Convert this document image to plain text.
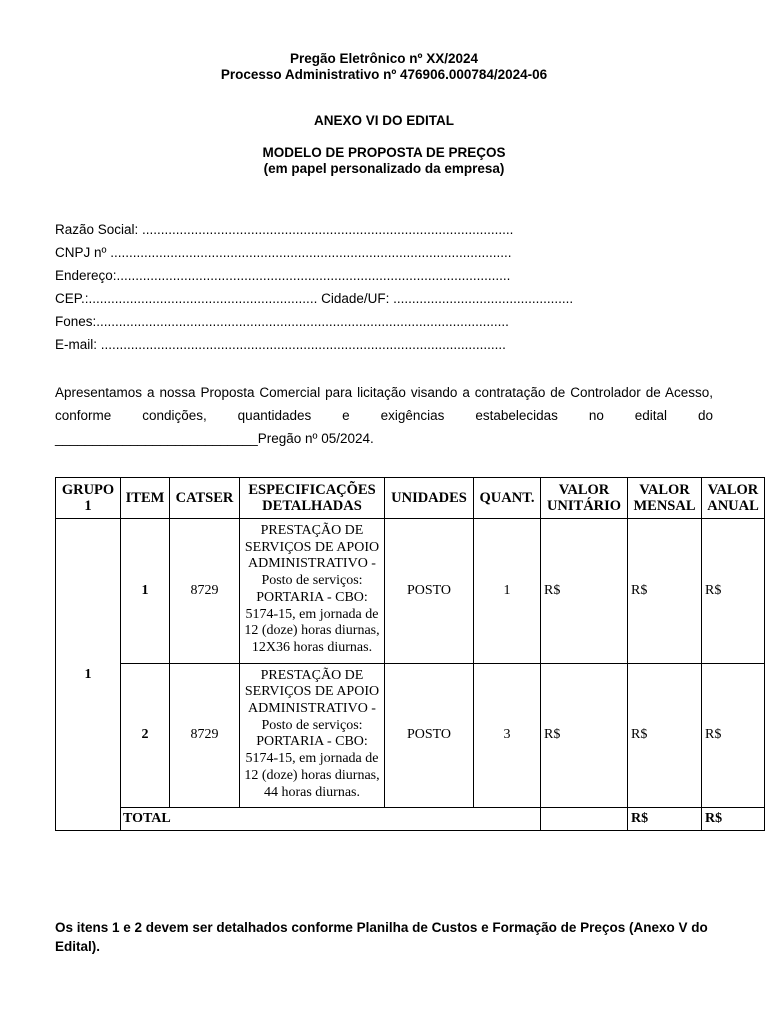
Pregão Eletrônico nº XX/2024
Processo Administrativo nº 476906.000784/2024-06
ANEXO VI DO EDITAL
MODELO DE PROPOSTA DE PREÇOS
(em papel personalizado da empresa)
Razão Social: ...................................................................................................
CNPJ nº ...........................................................................................................
Endereço:.........................................................................................................
CEP.:............................................................. Cidade/UF: ................................................
Fones:..............................................................................................................
E-mail: ............................................................................................................
Apresentamos a nossa Proposta Comercial para licitação visando a contratação de Controlador de Acesso, conforme condições, quantidades e exigências estabelecidas no edital do ___________________________Pregão nº 05/2024.
GRUPO 1	ITEM	CATSER	ESPECIFICAÇÕES DETALHADAS	UNIDADES	QUANT.	VALOR UNITÁRIO	VALOR MENSAL	VALOR ANUAL
1	1	8729	PRESTAÇÃO DE SERVIÇOS DE APOIO ADMINISTRATIVO - Posto de serviços: PORTARIA - CBO: 5174-15, em jornada de 12 (doze) horas diurnas, 12X36 horas diurnas.	POSTO	1	R$	R$	R$
	2	8729	PRESTAÇÃO DE SERVIÇOS DE APOIO ADMINISTRATIVO - Posto de serviços: PORTARIA - CBO: 5174-15, em jornada de 12 (doze) horas diurnas, 44 horas diurnas.	POSTO	3	R$	R$	R$
	TOTAL						R$	R$
Os itens 1 e 2 devem ser detalhados conforme Planilha de Custos e Formação de Preços (Anexo V do Edital).
